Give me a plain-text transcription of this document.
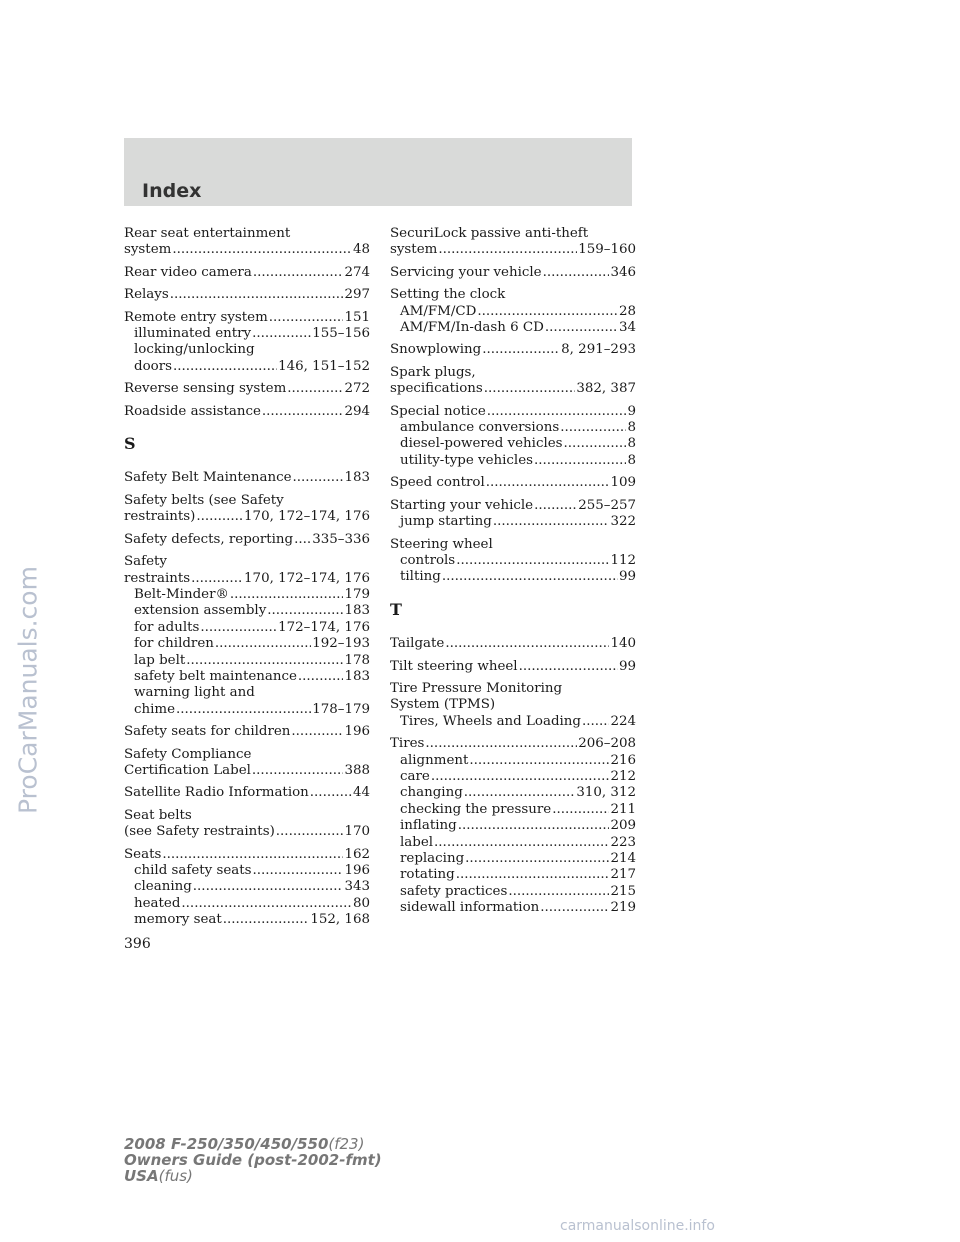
Index
Rear seat entertainment
system .....	48
Rear video camera .....	274
Relays .....	297
Remote entry system .....	151
illuminated entry .....	155–156
locking/unlocking
doors .....	146, 151–152
Reverse sensing system .....	272
Roadside assistance .....	294
S
Safety Belt Maintenance .....	183
Safety belts (see Safety
restraints) .....	170, 172–174, 176
Safety defects, reporting ..... 335–336
Safety
restraints .....	170, 172–174, 176
Belt-Minder® .....	179
extension assembly .....	183
for adults .....	172–174, 176
for children .....	192–193
lap belt .....	178
safety belt maintenance .....	183
warning light and
chime .....	178–179
Safety seats for children .....	196
Safety Compliance
Certification Label .....	388
Satellite Radio Information .....	44
Seat belts
(see Safety restraints) .....	170
Seats .....	162
child safety seats .....	196
cleaning .....	343
heated .....	80
memory seat .....	152, 168
SecuriLock passive anti-theft
system .....	159–160
Servicing your vehicle .....	346
Setting the clock
AM/FM/CD .....	28
AM/FM/In-dash 6 CD .....	34
Snowplowing .....	8, 291–293
Spark plugs,
specifications .....	382, 387
Special notice .....	9
ambulance conversions .....	8
diesel-powered vehicles .....	8
utility-type vehicles .....	8
Speed control .....	109
Starting your vehicle .....	255–257
jump starting .....	322
Steering wheel
controls .....	112
tilting .....	99
T
Tailgate .....	140
Tilt steering wheel .....	99
Tire Pressure Monitoring
System (TPMS)
Tires, Wheels and Loading ..... 224
Tires .....	206–208
alignment .....	216
care .....	212
changing .....	310, 312
checking the pressure .....	211
inflating .....	209
label .....	223
replacing .....	214
rotating .....	217
safety practices .....	215
sidewall information .....	219

396

2008 F-250/350/450/550(f23)
Owners Guide (post-2002-fmt)
USA(fus)
ProCarManuals.com

carmanualsonline.info
